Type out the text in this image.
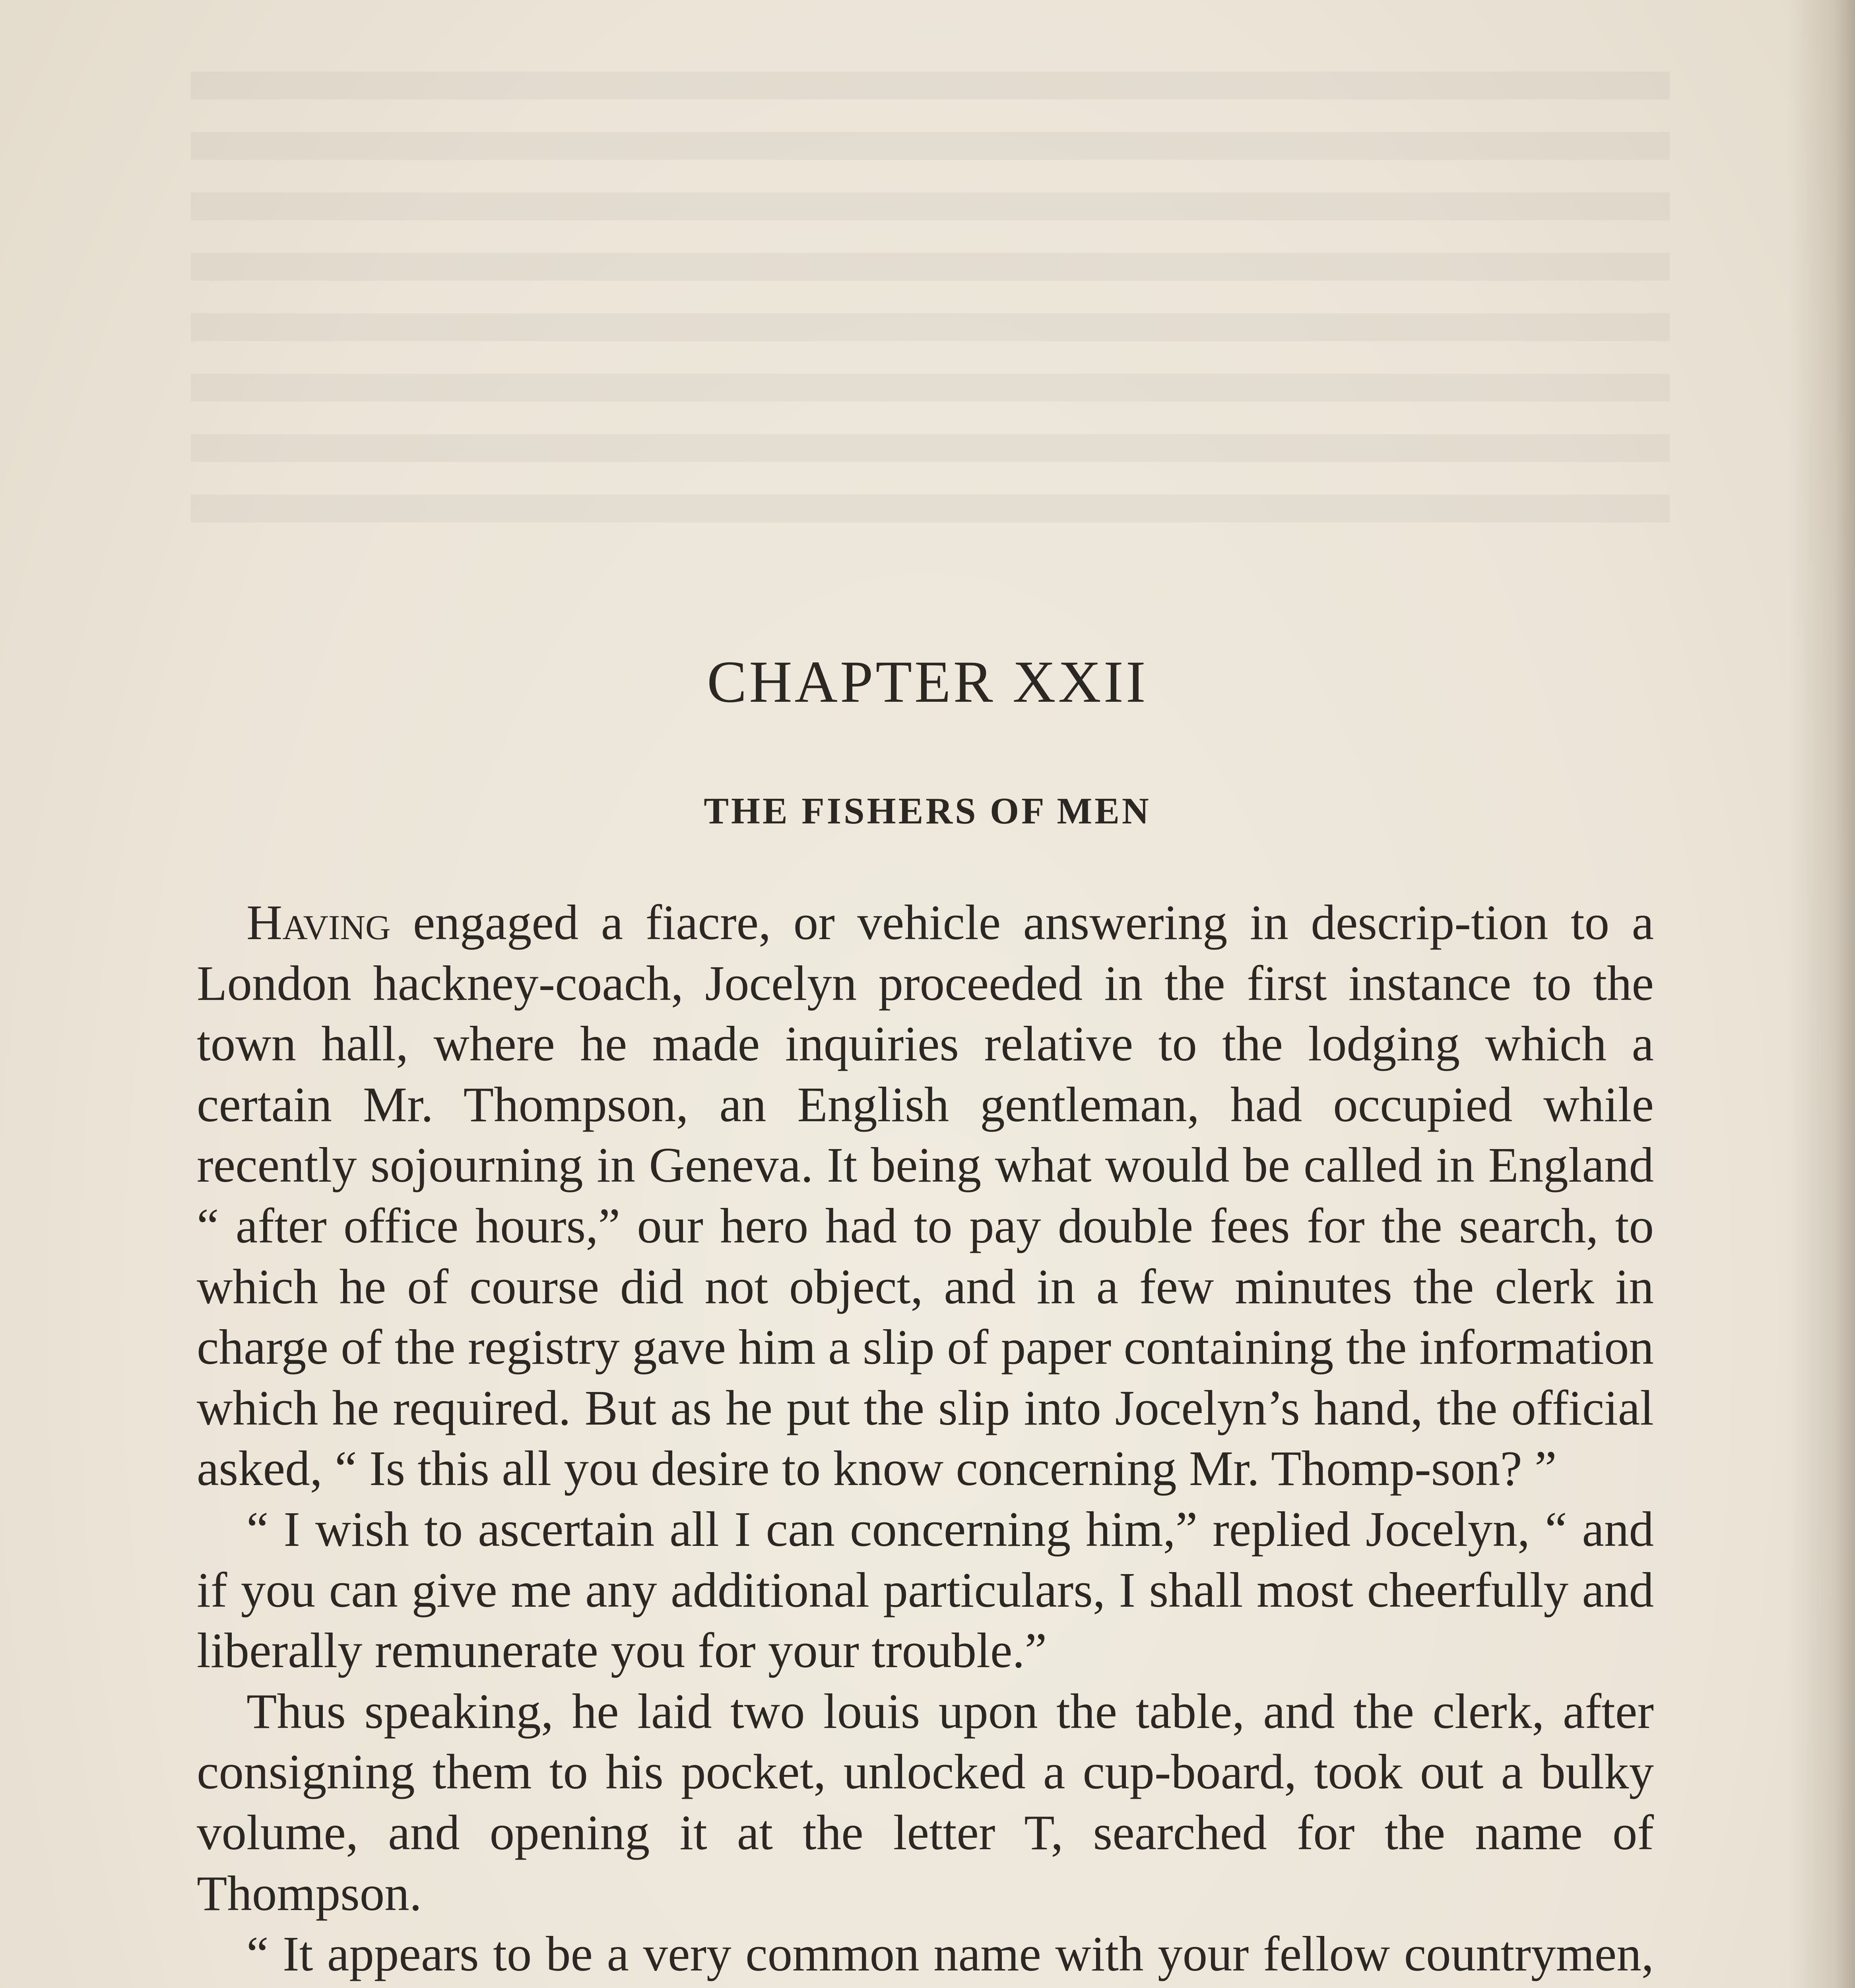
CHAPTER XXII
THE FISHERS OF MEN

Having engaged a fiacre, or vehicle answering in descrip-tion to a London hackney-coach, Jocelyn proceeded in the first instance to the town hall, where he made inquiries relative to the lodging which a certain Mr. Thompson, an English gentleman, had occupied while recently sojourning in Geneva. It being what would be called in England “ after office hours,” our hero had to pay double fees for the search, to which he of course did not object, and in a few minutes the clerk in charge of the registry gave him a slip of paper containing the information which he required. But as he put the slip into Jocelyn’s hand, the official asked, “ Is this all you desire to know concerning Mr. Thomp-son? ”

“ I wish to ascertain all I can concerning him,” replied Jocelyn, “ and if you can give me any additional particulars, I shall most cheerfully and liberally remunerate you for your trouble.”

Thus speaking, he laid two louis upon the table, and the clerk, after consigning them to his pocket, unlocked a cup-board, took out a bulky volume, and opening it at the letter T, searched for the name of Thompson.

“ It appears to be a very common name with your fellow countrymen,
